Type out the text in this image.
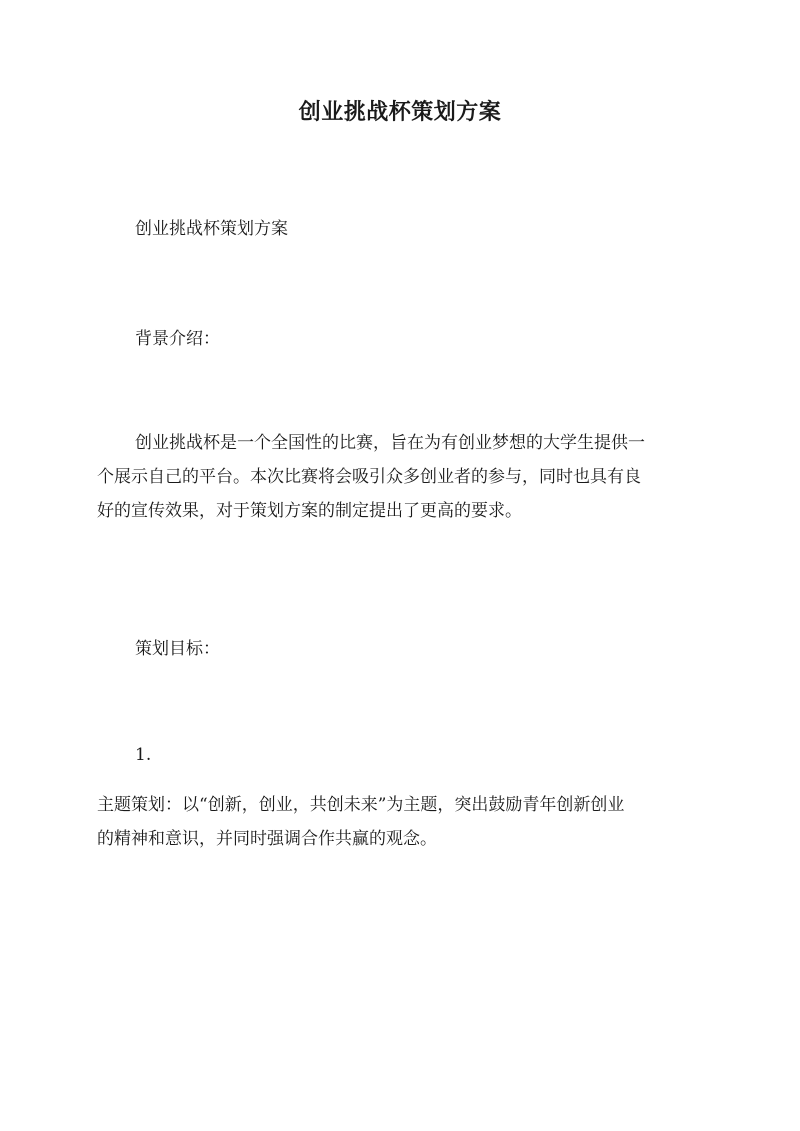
创业挑战杯策划方案

创业挑战杯策划方案

背景介绍：

创业挑战杯是一个全国性的比赛，旨在为有创业梦想的大学生提供一
个展示自己的平台。本次比赛将会吸引众多创业者的参与，同时也具有良
好的宣传效果，对于策划方案的制定提出了更高的要求。

策划目标：

1.

主题策划：以“创新，创业，共创未来”为主题，突出鼓励青年创新创业
的精神和意识，并同时强调合作共赢的观念。
